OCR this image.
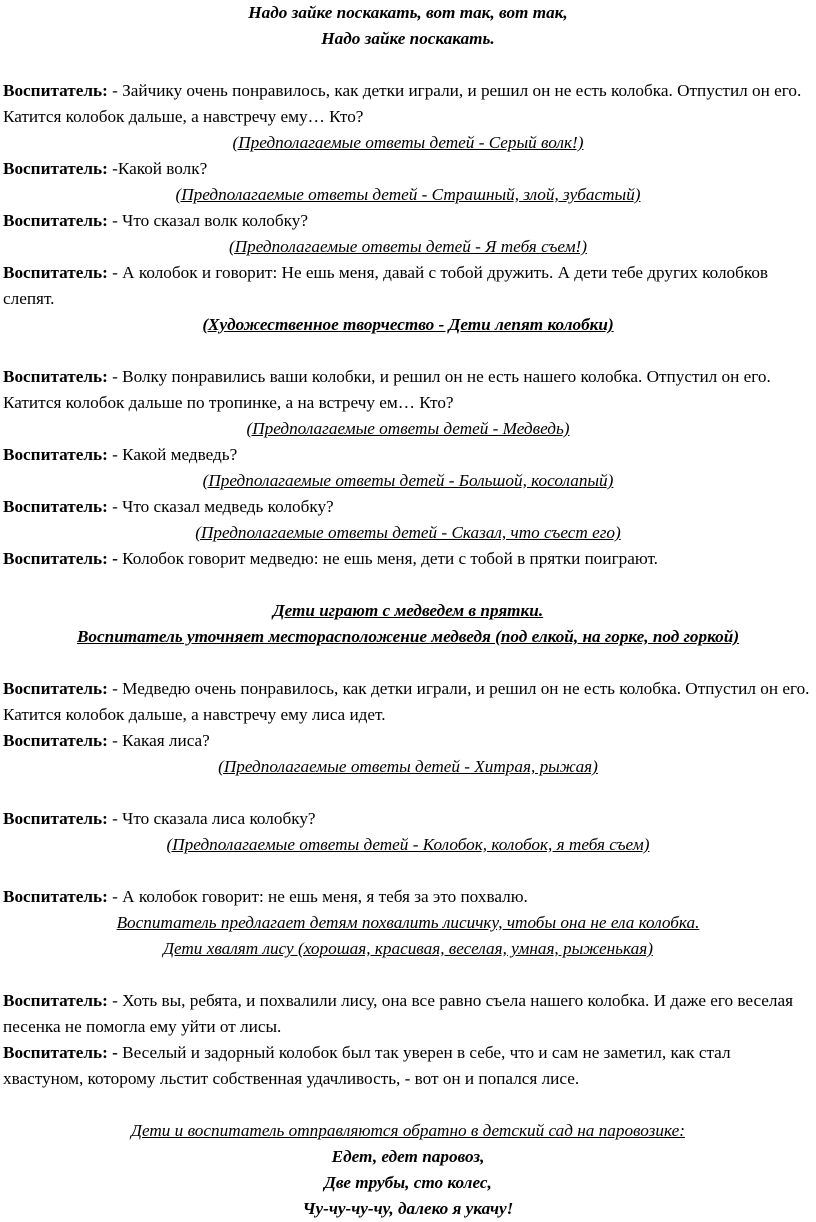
Надо зайке поскакать, вот так, вот так,
Надо зайке поскакать.

Воспитатель: - Зайчику очень понравилось, как детки играли, и решил он не есть колобка. Отпустил он его. Катится колобок дальше, а навстречу ему… Кто?

(Предполагаемые ответы детей - Серый волк!)

Воспитатель: -Какой волк?

(Предполагаемые ответы детей - Страшный, злой, зубастый)

Воспитатель: - Что сказал волк колобку?

(Предполагаемые ответы детей - Я тебя съем!)

Воспитатель: - А колобок и говорит: Не ешь меня, давай с тобой дружить. А дети тебе других колобков слепят.

(Художественное творчество - Дети лепят колобки)

Воспитатель: - Волку понравились ваши колобки, и решил он не есть нашего колобка. Отпустил он его. Катится колобок дальше по тропинке, а на встречу ем… Кто?

(Предполагаемые ответы детей - Медведь)

Воспитатель: - Какой медведь?

(Предполагаемые ответы детей - Большой, косолапый)

Воспитатель: - Что сказал медведь колобку?

(Предполагаемые ответы детей - Сказал, что съест его)

Воспитатель: - Колобок говорит медведю: не ешь меня, дети с тобой в прятки поиграют.

Дети играют с медведем в прятки.
Воспитатель уточняет месторасположение медведя (под елкой, на горке, под горкой)

Воспитатель: - Медведю очень понравилось, как детки играли, и решил он не есть колобка. Отпустил он его. Катится колобок дальше, а навстречу ему лиса идет.

Воспитатель: - Какая лиса?

(Предполагаемые ответы детей - Хитрая, рыжая)

Воспитатель: - Что сказала лиса колобку?

(Предполагаемые ответы детей - Колобок, колобок, я тебя съем)

Воспитатель: - А колобок говорит: не ешь меня, я тебя за это похвалю.

Воспитатель предлагает детям похвалить лисичку, чтобы она не ела колобка.
Дети хвалят лису (хорошая, красивая, веселая, умная, рыженькая)

Воспитатель: - Хоть вы, ребята, и похвалили лису, она все равно съела нашего колобка. И даже его веселая песенка не помогла ему уйти от лисы.

Воспитатель: - Веселый и задорный колобок был так уверен в себе, что и сам не заметил, как стал хвастуном, которому льстит собственная удачливость, - вот он и попался лисе.

Дети и воспитатель отправляются обратно в детский сад на паровозике:
Едет, едет паровоз,
Две трубы, сто колес,
Чу-чу-чу-чу, далеко я укачу!
